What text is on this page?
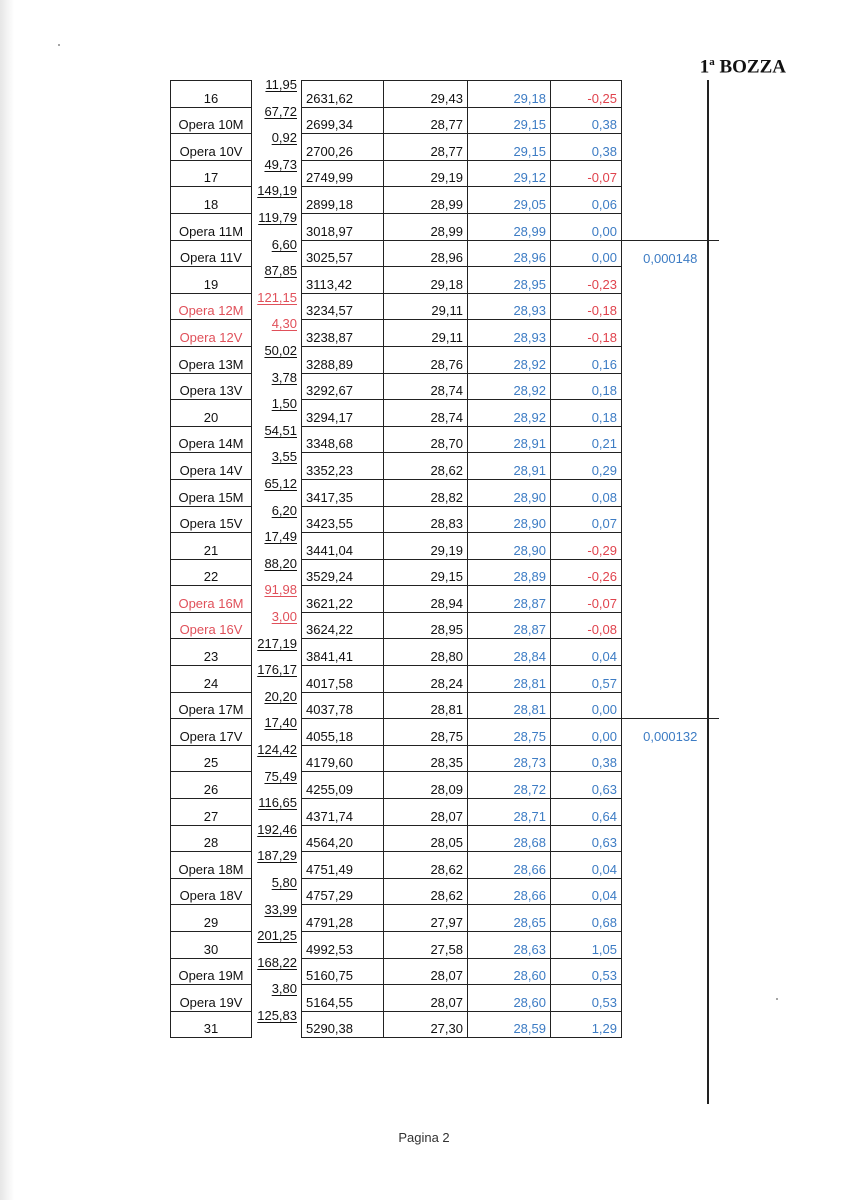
1$^a$ BOZZA
16	11,95	2631,62	29,43	29,18	-0,25	
Opera 10M	67,72	2699,34	28,77	29,15	0,38	
Opera 10V	0,92	2700,26	28,77	29,15	0,38	
17	49,73	2749,99	29,19	29,12	-0,07	
18	149,19	2899,18	28,99	29,05	0,06	
Opera 11M	119,79	3018,97	28,99	28,99	0,00	
Opera 11V	6,60	3025,57	28,96	28,96	0,00	0,000148
19	87,85	3113,42	29,18	28,95	-0,23	
Opera 12M	121,15	3234,57	29,11	28,93	-0,18	
Opera 12V	4,30	3238,87	29,11	28,93	-0,18	
Opera 13M	50,02	3288,89	28,76	28,92	0,16	
Opera 13V	3,78	3292,67	28,74	28,92	0,18	
20	1,50	3294,17	28,74	28,92	0,18	
Opera 14M	54,51	3348,68	28,70	28,91	0,21	
Opera 14V	3,55	3352,23	28,62	28,91	0,29	
Opera 15M	65,12	3417,35	28,82	28,90	0,08	
Opera 15V	6,20	3423,55	28,83	28,90	0,07	
21	17,49	3441,04	29,19	28,90	-0,29	
22	88,20	3529,24	29,15	28,89	-0,26	
Opera 16M	91,98	3621,22	28,94	28,87	-0,07	
Opera 16V	3,00	3624,22	28,95	28,87	-0,08	
23	217,19	3841,41	28,80	28,84	0,04	
24	176,17	4017,58	28,24	28,81	0,57	
Opera 17M	20,20	4037,78	28,81	28,81	0,00	
Opera 17V	17,40	4055,18	28,75	28,75	0,00	0,000132
25	124,42	4179,60	28,35	28,73	0,38	
26	75,49	4255,09	28,09	28,72	0,63	
27	116,65	4371,74	28,07	28,71	0,64	
28	192,46	4564,20	28,05	28,68	0,63	
Opera 18M	187,29	4751,49	28,62	28,66	0,04	
Opera 18V	5,80	4757,29	28,62	28,66	0,04	
29	33,99	4791,28	27,97	28,65	0,68	
30	201,25	4992,53	27,58	28,63	1,05	
Opera 19M	168,22	5160,75	28,07	28,60	0,53	
Opera 19V	3,80	5164,55	28,07	28,60	0,53	
31	125,83	5290,38	27,30	28,59	1,29	
Pagina 2
